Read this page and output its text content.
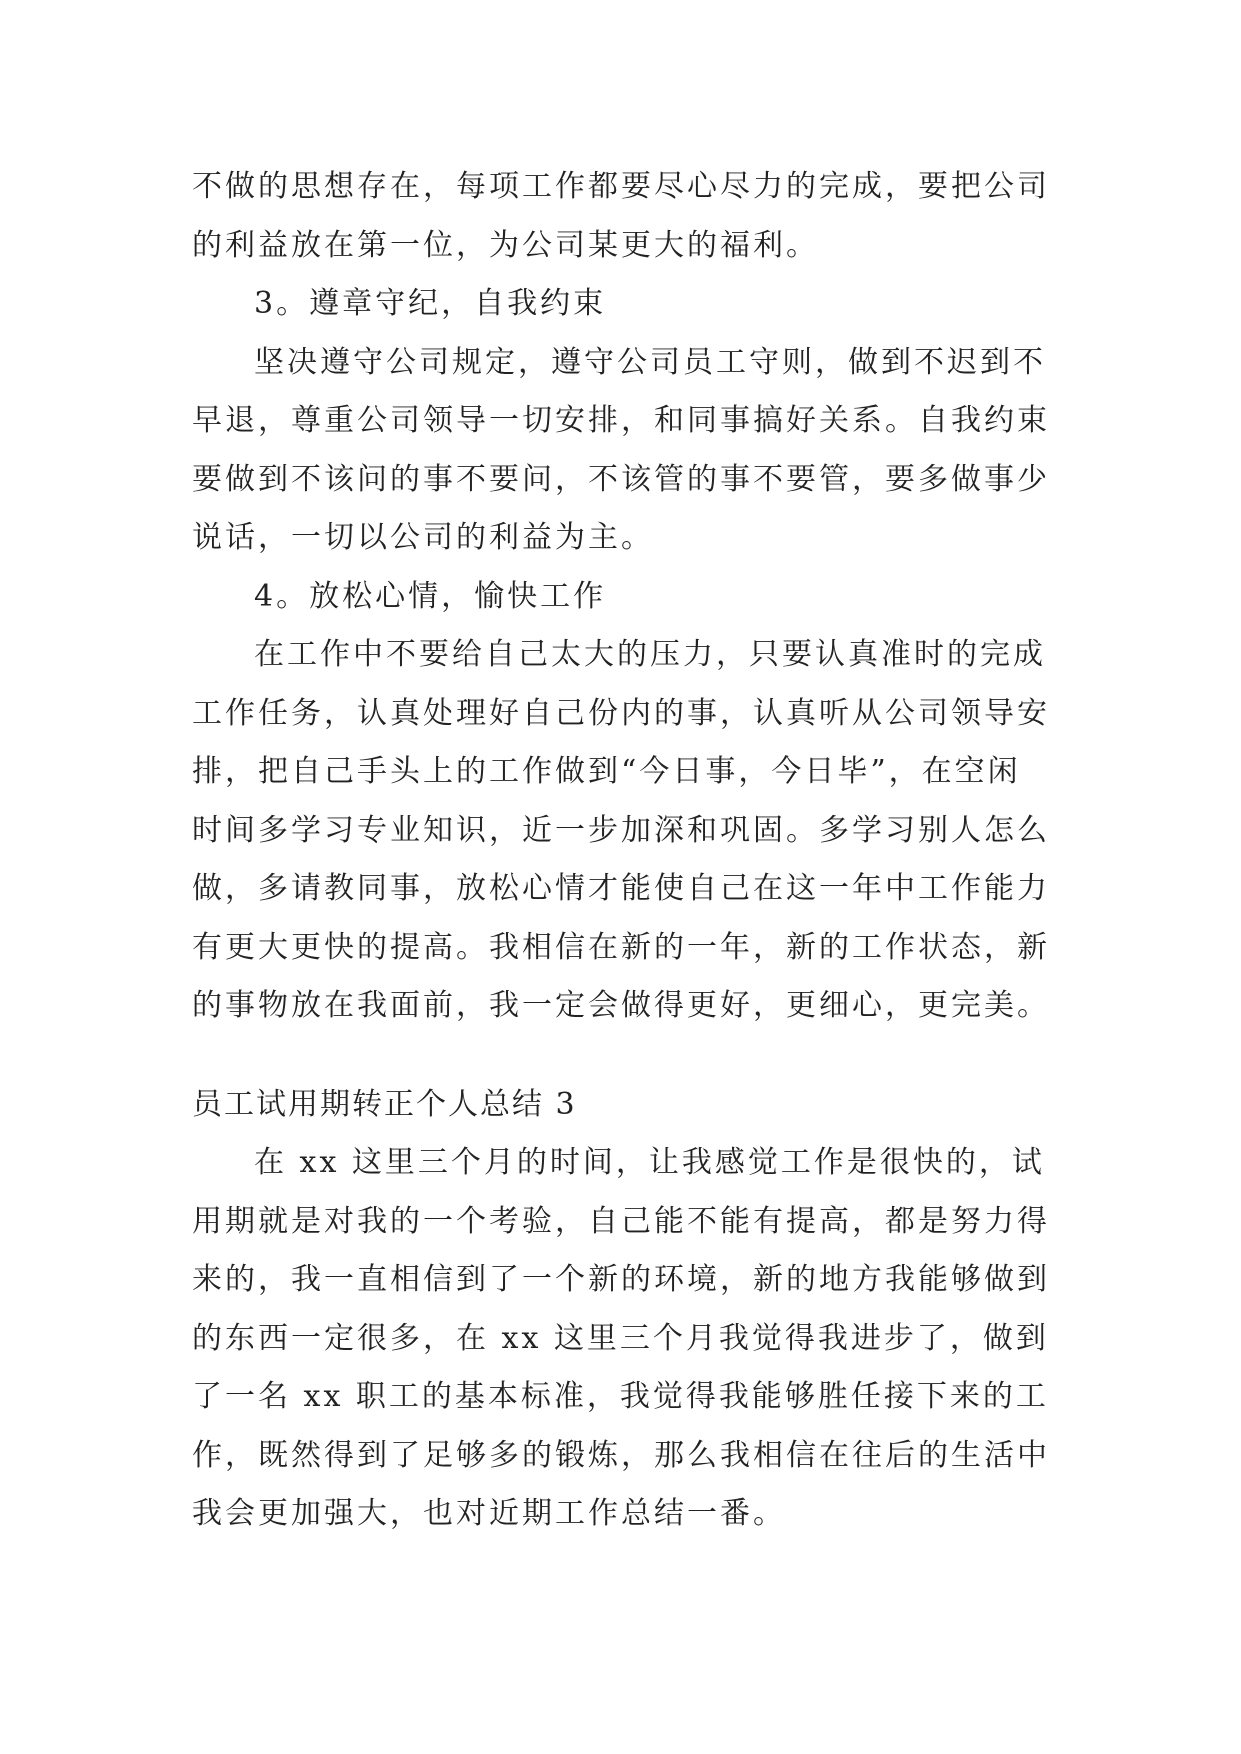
不做的思想存在，每项工作都要尽心尽力的完成，要把公司
的利益放在第一位，为公司某更大的福利。
3。遵章守纪，自我约束
坚决遵守公司规定，遵守公司员工守则，做到不迟到不
早退，尊重公司领导一切安排，和同事搞好关系。自我约束
要做到不该问的事不要问，不该管的事不要管，要多做事少
说话，一切以公司的利益为主。
4。放松心情，愉快工作
在工作中不要给自己太大的压力，只要认真准时的完成
工作任务，认真处理好自己份内的事，认真听从公司领导安
排，把自己手头上的工作做到“今日事，今日毕”，在空闲
时间多学习专业知识，近一步加深和巩固。多学习别人怎么
做，多请教同事，放松心情才能使自己在这一年中工作能力
有更大更快的提高。我相信在新的一年，新的工作状态，新
的事物放在我面前，我一定会做得更好，更细心，更完美。
员工试用期转正个人总结 3
在 xx 这里三个月的时间，让我感觉工作是很快的，试
用期就是对我的一个考验，自己能不能有提高，都是努力得
来的，我一直相信到了一个新的环境，新的地方我能够做到
的东西一定很多，在 xx 这里三个月我觉得我进步了，做到
了一名 xx 职工的基本标准，我觉得我能够胜任接下来的工
作，既然得到了足够多的锻炼，那么我相信在往后的生活中
我会更加强大，也对近期工作总结一番。
